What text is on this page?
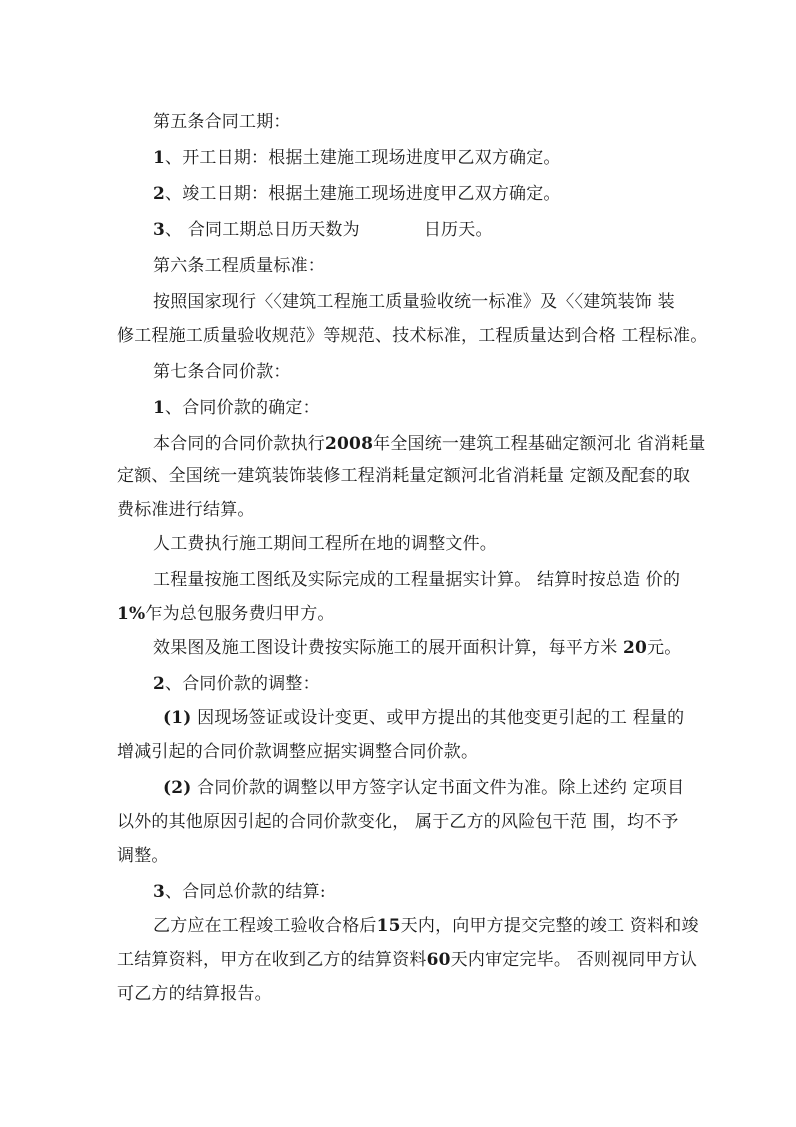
第五条合同工期：
1、开工日期：根据土建施工现场进度甲乙双方确定。
2、竣工日期：根据土建施工现场进度甲乙双方确定。
3、 合同工期总日历天数为	日历天。
第六条工程质量标准：
按照国家现行〈〈建筑工程施工质量验收统一标准》及〈〈建筑装饰 装
修工程施工质量验收规范》等规范、技术标准，工程质量达到合格 工程标准。
第七条合同价款：
1、合同价款的确定：
本合同的合同价款执行2008年全国统一建筑工程基础定额河北 省消耗量
定额、全国统一建筑装饰装修工程消耗量定额河北省消耗量 定额及配套的取
费标准进行结算。
人工费执行施工期间工程所在地的调整文件。
工程量按施工图纸及实际完成的工程量据实计算。 结算时按总造 价的
1%乍为总包服务费归甲方。
效果图及施工图设计费按实际施工的展开面积计算，每平方米 20元。
2、合同价款的调整：
(1) 因现场签证或设计变更、或甲方提出的其他变更引起的工 程量的
增减引起的合同价款调整应据实调整合同价款。
(2) 合同价款的调整以甲方签字认定书面文件为准。除上述约 定项目
以外的其他原因引起的合同价款变化， 属于乙方的风险包干范 围，均不予
调整。
3、合同总价款的结算:
乙方应在工程竣工验收合格后15天内，向甲方提交完整的竣工 资料和竣
工结算资料，甲方在收到乙方的结算资料60天内审定完毕。 否则视同甲方认
可乙方的结算报告。
